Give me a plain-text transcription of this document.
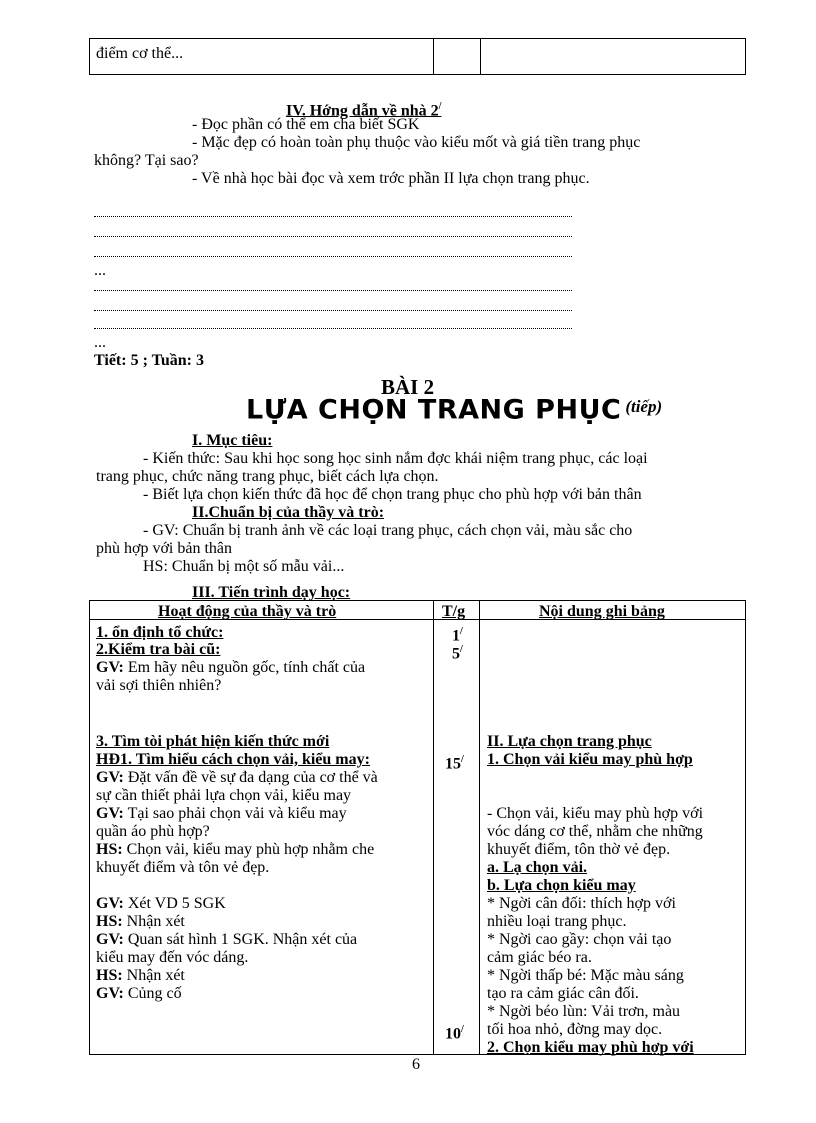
điểm cơ thể...
IV. Hớng dẫn về nhà 2/
- Đọc phần có thể em cha biết SGK
- Mặc đẹp có hoàn toàn phụ thuộc vào kiểu mốt và giá tiền trang phục
không? Tại sao?
- Về nhà học bài đọc và xem trớc phần II lựa chọn trang phục.
...
...
Tiết: 5 ; Tuần: 3
BÀI 2
LỰA CHỌN TRANG PHỤC $^{(tiếp)}$
I. Mục tiêu:
- Kiến thức: Sau khi học song học sinh nắm đợc khái niệm trang phục, các loại
trang phục, chức năng trang phục, biết cách lựa chọn.
- Biết lựa chọn kiến thức đã học để chọn trang phục cho phù hợp với bản thân
II.Chuẩn bị của thầy và trò:
- GV: Chuẩn bị tranh ảnh về các loại trang phục, cách chọn vải, màu sắc cho
phù hợp với bản thân
HS: Chuẩn bị một số mẫu vải...
III. Tiến trình dạy học:
Hoạt động của thầy và trò	T/g	Nội dung ghi bảng
1. ổn định tổ chức:
2.Kiểm tra bài cũ:
GV: Em hãy nêu nguồn gốc, tính chất của
vải sợi thiên nhiên?
3. Tìm tòi phát hiện kiến thức mới
HĐ1. Tìm hiểu cách chọn vải, kiểu may:
GV: Đặt vấn đề về sự đa dạng của cơ thể và
sự cần thiết phải lựa chọn vải, kiểu may
GV: Tại sao phải chọn vải và kiểu may
quần áo phù hợp?
HS: Chọn vải, kiểu may phù hợp nhằm che
khuyết điểm và tôn vẻ đẹp.
GV: Xét VD 5 SGK
HS: Nhận xét
GV: Quan sát hình 1 SGK. Nhận xét của
kiểu may đến vóc dáng.
HS: Nhận xét
GV: Củng cố
1/
5/
15/
10/
II. Lựa chọn trang phục
1. Chọn vải kiểu may phù hợp
- Chọn vải, kiểu may phù hợp với
vóc dáng cơ thể, nhằm che những
khuyết điểm, tôn thờ vẻ đẹp.
a. Lạ chọn vải.
b. Lựa chọn kiểu may
* Ngời cân đối: thích hợp với
nhiều loại trang phục.
* Ngời cao gầy: chọn vải tạo
cảm giác béo ra.
* Ngời thấp bé: Mặc màu sáng
tạo ra cảm giác cân đối.
* Ngời béo lùn: Vải trơn, màu
tối hoa nhỏ, đờng may dọc.
2. Chọn kiểu may phù hợp với
6
